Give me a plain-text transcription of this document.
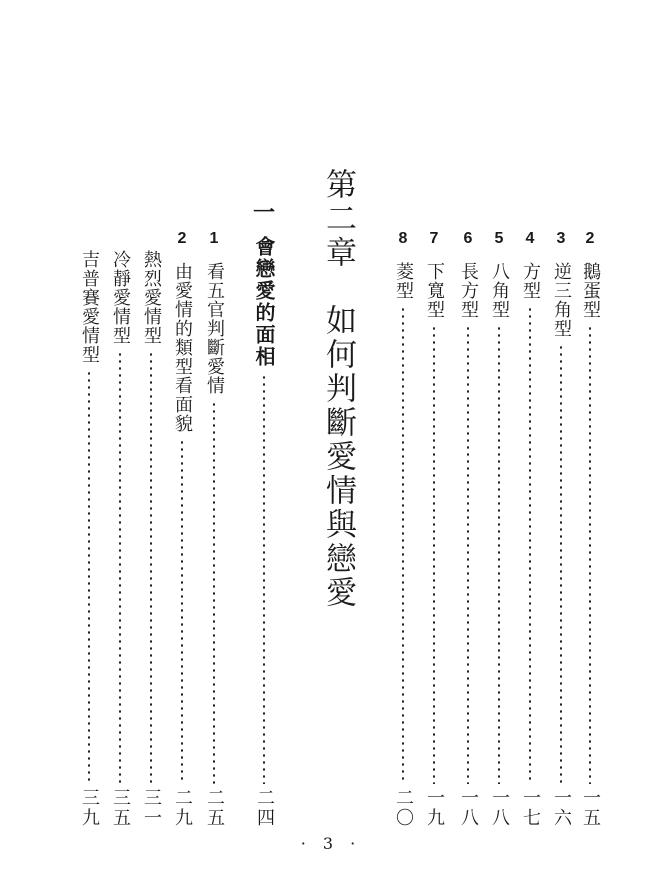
2
鵝蛋型
一五
3
逆三角型
一六
4
方型
一七
5
八角型
一八
6
長方型
一八
7
下寬型
一九
8
菱型
二〇
第二章　如何判斷愛情與戀愛
一
會戀愛的面相
二四
1
看五官判斷愛情
二五
2
由愛情的類型看面貌
二九
熱烈愛情型
三一
冷靜愛情型
三五
吉普賽愛情型
三九
· 3 ·
